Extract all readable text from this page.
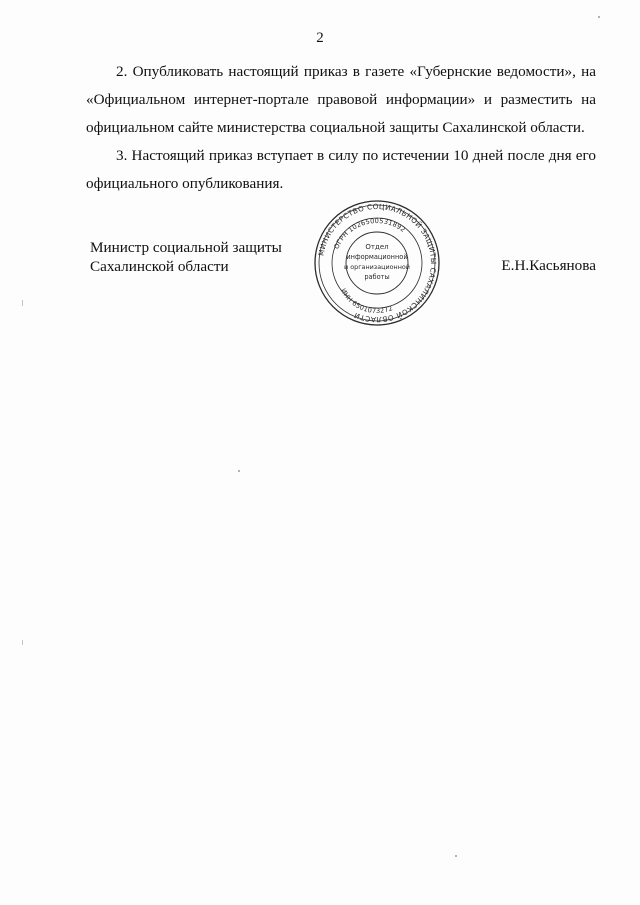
2

2. Опубликовать настоящий приказ в газете «Губернские ведомости», на «Официальном интернет-портале правовой информации» и разместить на официальном сайте министерства социальной защиты Сахалинской области.

3. Настоящий приказ вступает в силу по истечении 10 дней после дня его официального опубликования.

Министр социальной защиты
Сахалинской области
МИНИСТЕРСТВО СОЦИАЛЬНОЙ ЗАЩИТЫ САХАЛИНСКОЙ ОБЛАСТИ
ОГРН 1026500531892
ИНН 6501073272
Отдел
информационной
и организационной
работы
Е.Н.Касьянова
